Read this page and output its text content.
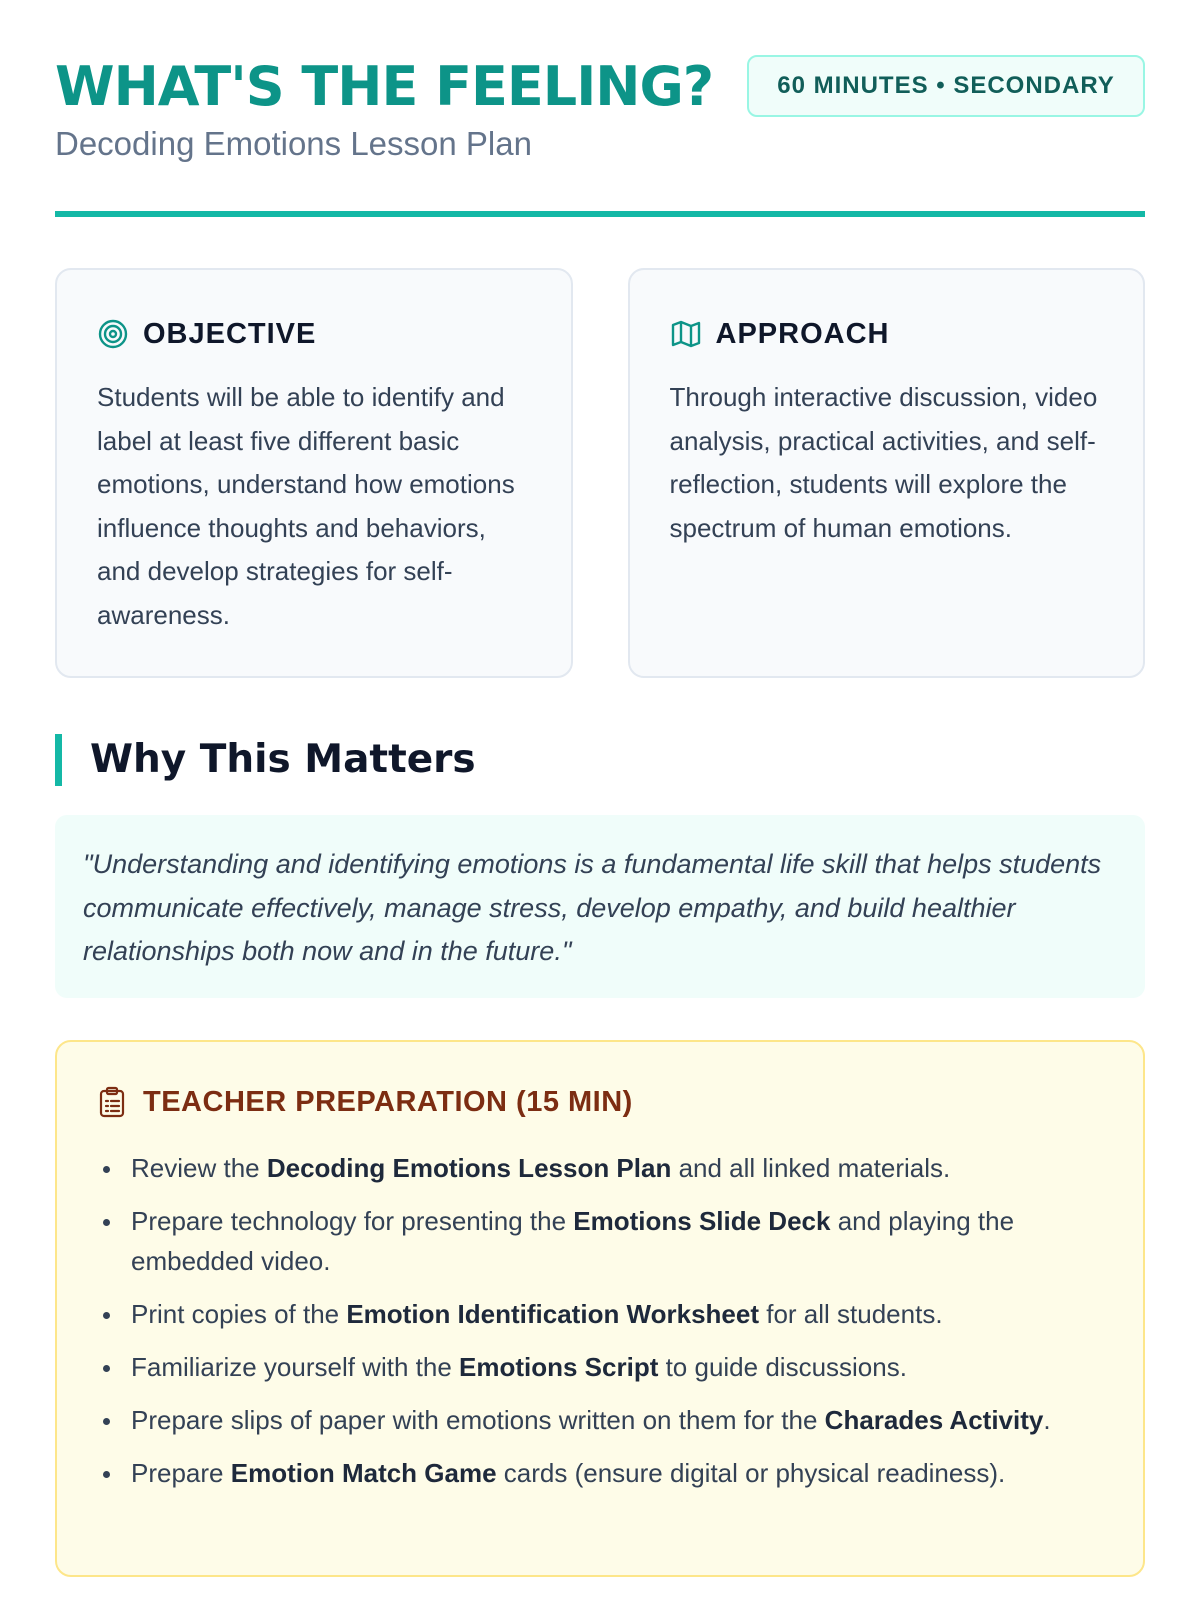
WHAT'S THE FEELING?
Decoding Emotions Lesson Plan
60 MINUTES • SECONDARY
OBJECTIVE

Students will be able to identify and label at least five different basic emotions, understand how emotions influence thoughts and behaviors, and develop strategies for self-awareness.

APPROACH

Through interactive discussion, video analysis, practical activities, and self-reflection, students will explore the spectrum of human emotions.

Why This Matters
"Understanding and identifying emotions is a fundamental life skill that helps students communicate effectively, manage stress, develop empathy, and build healthier relationships both now and in the future."
TEACHER PREPARATION (15 MIN)
Review the Decoding Emotions Lesson Plan and all linked materials.
Prepare technology for presenting the Emotions Slide Deck and playing the embedded video.
Print copies of the Emotion Identification Worksheet for all students.
Familiarize yourself with the Emotions Script to guide discussions.
Prepare slips of paper with emotions written on them for the Charades Activity.
Prepare Emotion Match Game cards (ensure digital or physical readiness).
